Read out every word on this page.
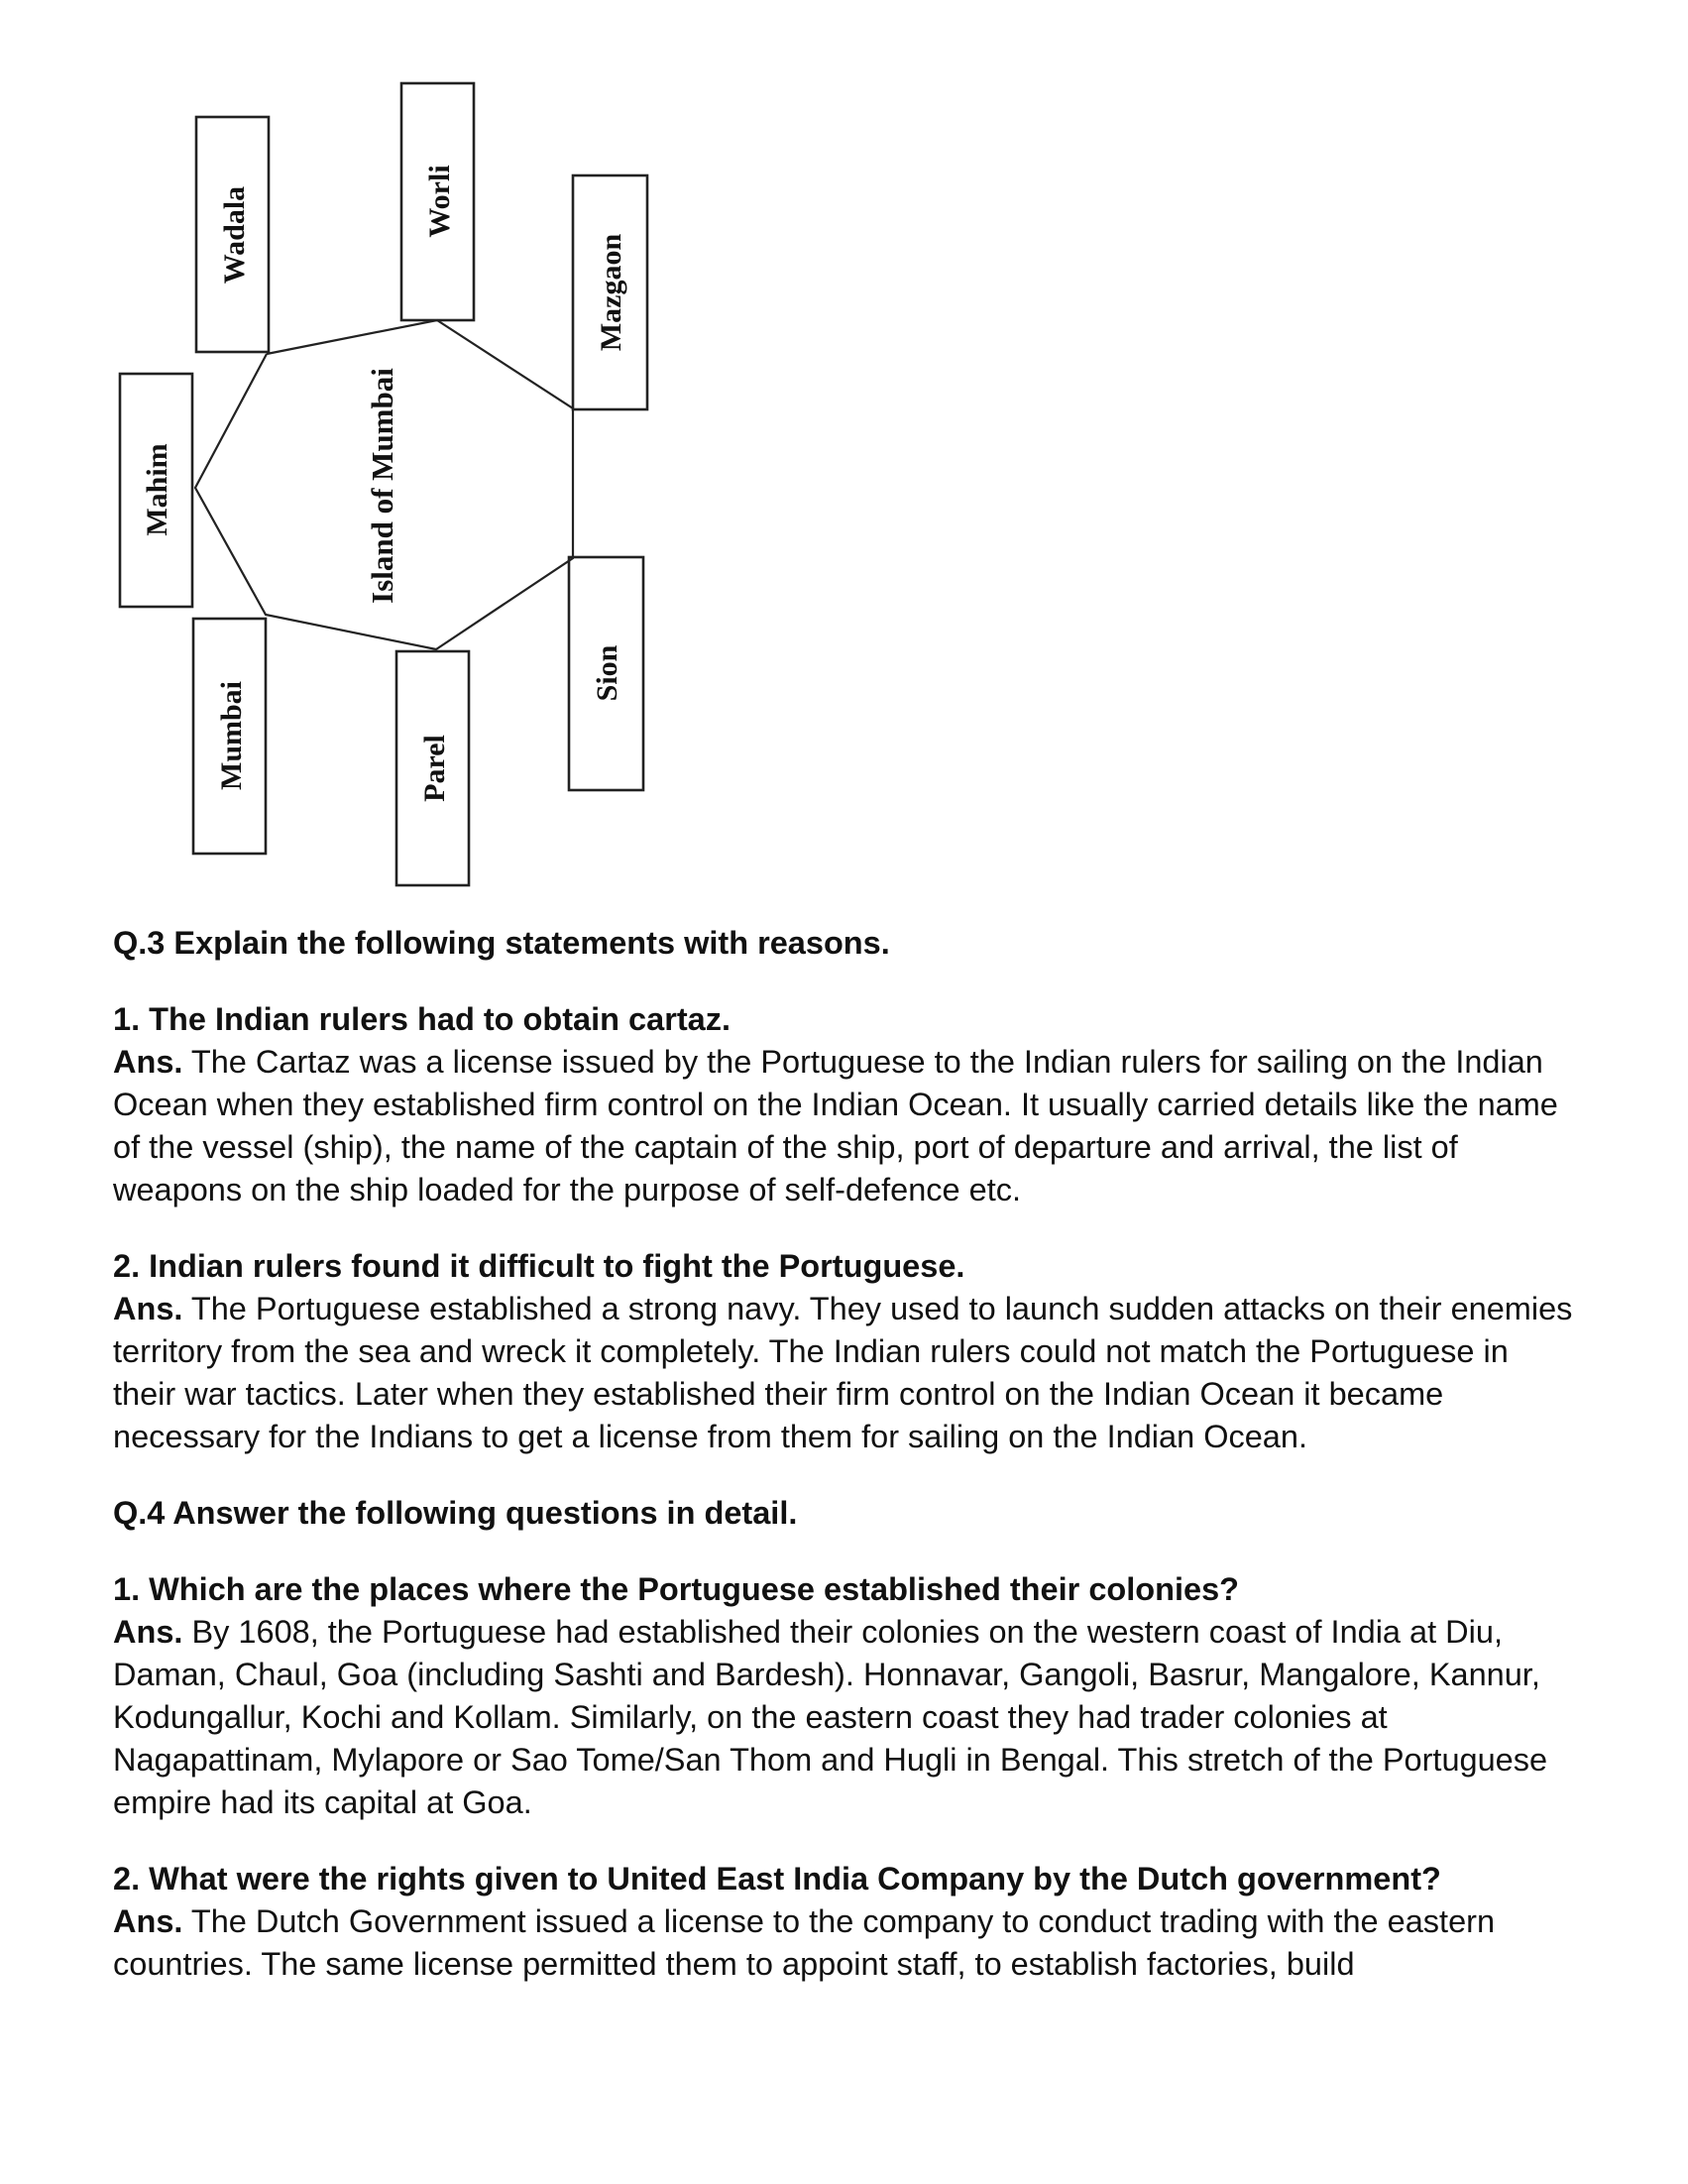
Wadala	Worli
Mazgaon
Mahim
Mumbai	Parel
Sion
Island of Mumbai

Q.3 Explain the following statements with reasons.

1. The Indian rulers had to obtain cartaz.

Ans. The Cartaz was a license issued by the Portuguese to the Indian rulers for sailing on the Indian Ocean when they established firm control on the Indian Ocean. It usually carried details like the name of the vessel (ship), the name of the captain of the ship, port of departure and arrival, the list of weapons on the ship loaded for the purpose of self-defence etc.

2. Indian rulers found it difficult to fight the Portuguese.

Ans. The Portuguese established a strong navy. They used to launch sudden attacks on their enemies territory from the sea and wreck it completely. The Indian rulers could not match the Portuguese in their war tactics. Later when they established their firm control on the Indian Ocean it became

necessary for the Indians to get a license from them for sailing on the Indian Ocean.

Q.4 Answer the following questions in detail.

1. Which are the places where the Portuguese established their colonies?

Ans. By 1608, the Portuguese had established their colonies on the western coast of India at Diu, Daman, Chaul, Goa (including Sashti and Bardesh). Honnavar, Gangoli, Basrur, Mangalore, Kannur, Kodungallur, Kochi and Kollam. Similarly, on the eastern coast they had trader colonies at Nagapattinam, Mylapore or Sao Tome/San Thom and Hugli in Bengal. This stretch of the Portuguese empire had its capital at Goa.

2. What were the rights given to United East India Company by the Dutch government?

Ans. The Dutch Government issued a license to the company to conduct trading with the eastern countries. The same license permitted them to appoint staff, to establish factories, build
